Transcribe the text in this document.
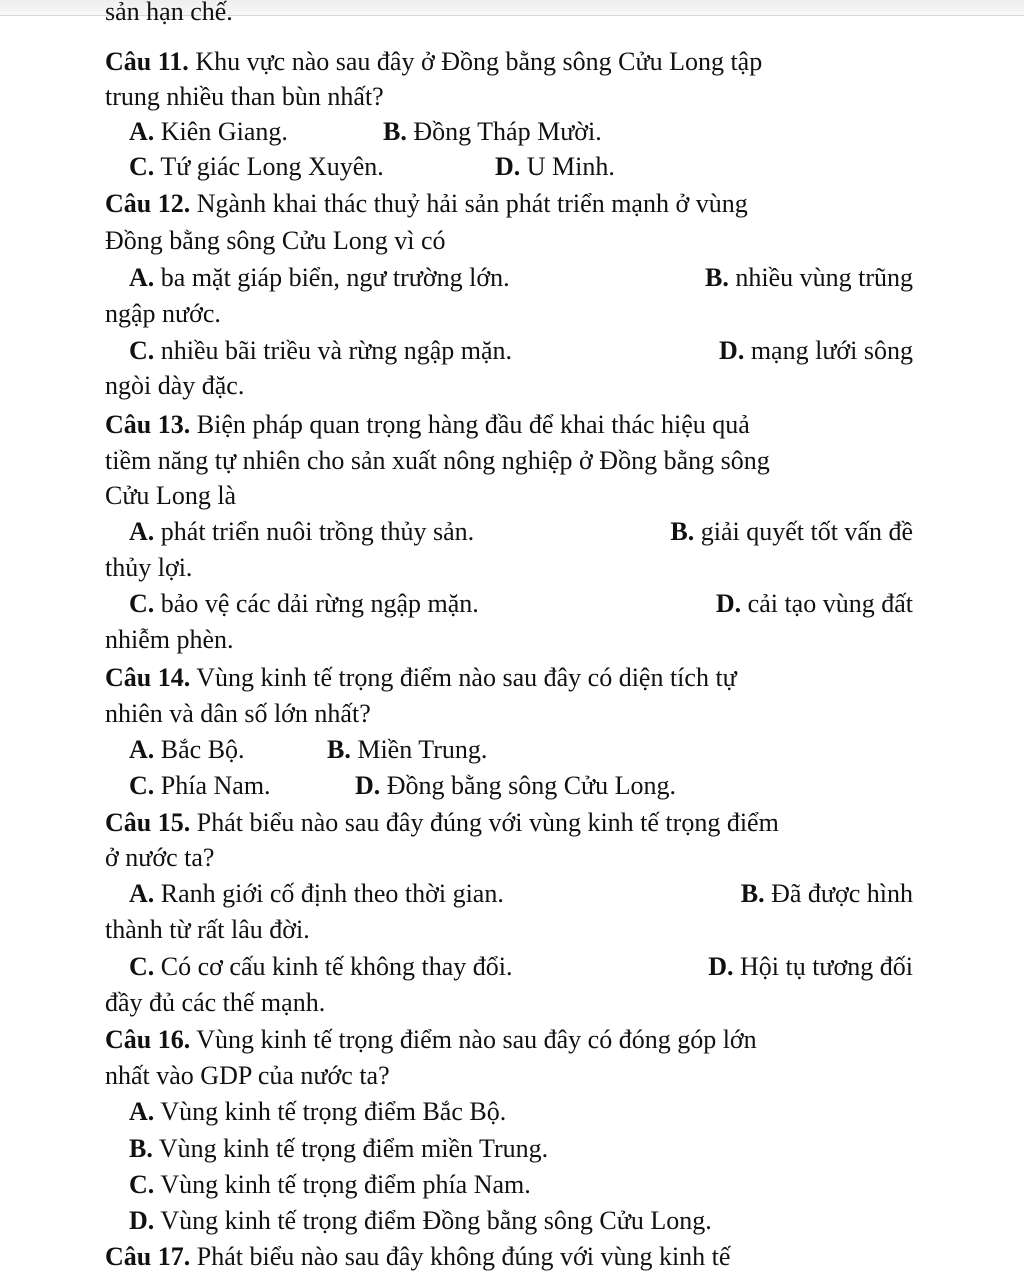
sản hạn chế.
Câu 11. Khu vực nào sau đây ở Đồng bằng sông Cửu Long tập
trung nhiều than bùn nhất?
A. Kiên Giang.	B. Đồng Tháp Mười.
C. Tứ giác Long Xuyên.	D. U Minh.
Câu 12. Ngành khai thác thuỷ hải sản phát triển mạnh ở vùng
Đồng bằng sông Cửu Long vì có
A. ba mặt giáp biển, ngư trường lớn.	B. nhiều vùng trũng
ngập nước.
C. nhiều bãi triều và rừng ngập mặn.	D. mạng lưới sông
ngòi dày đặc.
Câu 13. Biện pháp quan trọng hàng đầu để khai thác hiệu quả
tiềm năng tự nhiên cho sản xuất nông nghiệp ở Đồng bằng sông
Cửu Long là
A. phát triển nuôi trồng thủy sản.	B. giải quyết tốt vấn đề
thủy lợi.
C. bảo vệ các dải rừng ngập mặn.	D. cải tạo vùng đất
nhiễm phèn.
Câu 14. Vùng kinh tế trọng điểm nào sau đây có diện tích tự
nhiên và dân số lớn nhất?
A. Bắc Bộ.	B. Miền Trung.
C. Phía Nam.	D. Đồng bằng sông Cửu Long.
Câu 15. Phát biểu nào sau đây đúng với vùng kinh tế trọng điểm
ở nước ta?
A. Ranh giới cố định theo thời gian.	B. Đã được hình
thành từ rất lâu đời.
C. Có cơ cấu kinh tế không thay đổi.	D. Hội tụ tương đối
đầy đủ các thế mạnh.
Câu 16. Vùng kinh tế trọng điểm nào sau đây có đóng góp lớn
nhất vào GDP của nước ta?
A. Vùng kinh tế trọng điểm Bắc Bộ.
B. Vùng kinh tế trọng điểm miền Trung.
C. Vùng kinh tế trọng điểm phía Nam.
D. Vùng kinh tế trọng điểm Đồng bằng sông Cửu Long.
Câu 17. Phát biểu nào sau đây không đúng với vùng kinh tế
